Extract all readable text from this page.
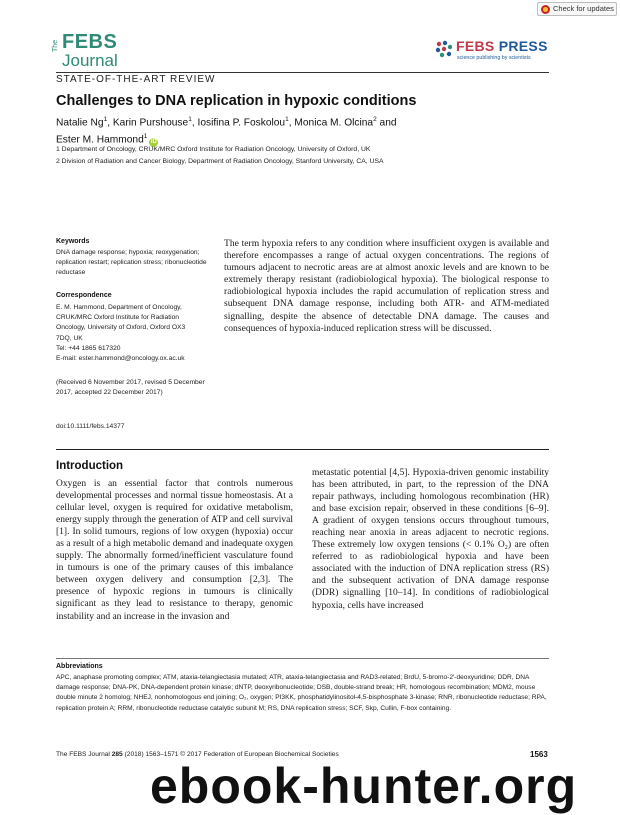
Check for updates
The FEBS
Journal
FEBS PRESS
science publishing by scientists
STATE-OF-THE-ART REVIEW
Challenges to DNA replication in hypoxic conditions
Natalie Ng$^1$, Karin Purshouse$^1$, Iosifina P. Foskolou$^1$, Monica M. Olcina$^2$ and
Ester M. Hammond$^1$iD
1 Department of Oncology, CRUK/MRC Oxford Institute for Radiation Oncology, University of Oxford, UK
2 Division of Radiation and Cancer Biology, Department of Radiation Oncology, Stanford University, CA, USA
Keywords
DNA damage response; hypoxia; reoxygenation; replication restart; replication stress; ribonucleotide reductase
Correspondence
E. M. Hammond, Department of Oncology,
CRUK/MRC Oxford Institute for Radiation
Oncology, University of Oxford, Oxford OX3
7DQ, UK
Tel: +44 1865 617320
E-mail: ester.hammond@oncology.ox.ac.uk
(Received 6 November 2017, revised 5 December 2017, accepted 22 December 2017)
doi:10.1111/febs.14377
The term hypoxia refers to any condition where insufficient oxygen is available and therefore encompasses a range of actual oxygen concentrations. The regions of tumours adjacent to necrotic areas are at almost anoxic levels and are known to be extremely therapy resistant (radiobiological hypoxia). The biological response to radiobiological hypoxia includes the rapid accumulation of replication stress and subsequent DNA damage response, including both ATR- and ATM-mediated signalling, despite the absence of detectable DNA damage. The causes and consequences of hypoxia-induced replication stress will be discussed.
Introduction
Oxygen is an essential factor that controls numerous developmental processes and normal tissue homeostasis. At a cellular level, oxygen is required for oxidative metabolism, energy supply through the generation of ATP and cell survival [1]. In solid tumours, regions of low oxygen (hypoxia) occur as a result of a high metabolic demand and inadequate oxygen supply. The abnormally formed/inefficient vasculature found in tumours is one of the primary causes of this imbalance between oxygen delivery and consumption [2,3]. The presence of hypoxic regions in tumours is clinically significant as they lead to resistance to therapy, genomic instability and an increase in the invasion and
metastatic potential [4,5]. Hypoxia-driven genomic instability has been attributed, in part, to the repression of the DNA repair pathways, including homologous recombination (HR) and base excision repair, observed in these conditions [6–9]. A gradient of oxygen tensions occurs throughout tumours, reaching near anoxia in areas adjacent to necrotic regions. These extremely low oxygen tensions (< 0.1% O₂) are often referred to as radiobiological hypoxia and have been associated with the induction of DNA replication stress (RS) and the subsequent activation of DNA damage response (DDR) signalling [10–14]. In conditions of radiobiological hypoxia, cells have increased
Abbreviations
APC, anaphase promoting complex; ATM, ataxia-telangiectasia mutated; ATR, ataxia-telangiectasia and RAD3-related; BrdU, 5-bromo-2′-deoxyuridine; DDR, DNA damage response; DNA-PK, DNA-dependent protein kinase; dNTP, deoxyribonucleotide; DSB, double-strand break; HR, homologous recombination; MDM2, mouse double minute 2 homolog; NHEJ, nonhomologous end joining; O₂, oxygen; PI3KK, phosphatidylinositol-4,5-bisphosphate 3-kinase; RNR, ribonucleotide reductase; RPA, replication protein A; RRM, ribonucleotide reductase catalytic subunit M; RS, DNA replication stress; SCF, Skp, Cullin, F-box containing.
The FEBS Journal 285 (2018) 1563–1571 © 2017 Federation of European Biochemical Societies	1563
ebook-hunter.org
